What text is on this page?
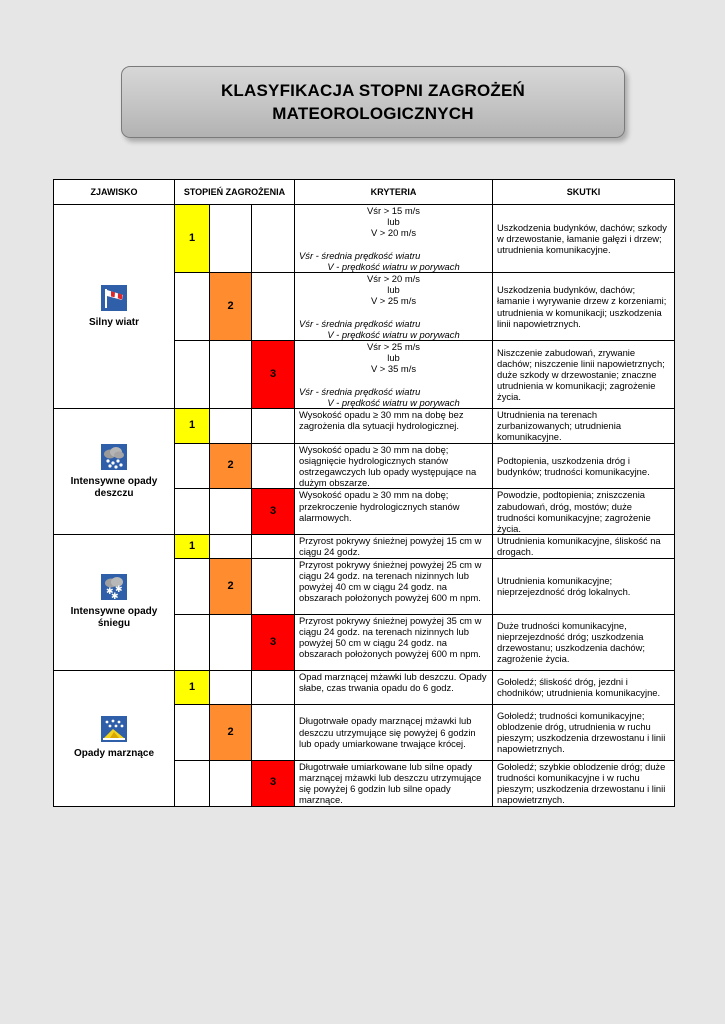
KLASYFIKACJA STOPNI ZAGROŻEŃ
MATEOROLOGICZNYCH
ZJAWISKO	STOPIEŃ ZAGROŻENIA			KRYTERIA	SKUTKI

Silny wiatr	1			Vśr > 15 m/s
lub
V > 20 m/s
Vśr - średnia prędkość wiatru
V - prędkość wiatru w porywach	Uszkodzenia budynków, dachów; szkody w drzewostanie, łamanie gałęzi i drzew; utrudnienia komunikacyjne.
		2		Vśr > 20 m/s
lub
V > 25 m/s
Vśr - średnia prędkość wiatru
V - prędkość wiatru w porywach	Uszkodzenia budynków, dachów; łamanie i wyrywanie drzew z korzeniami; utrudnienia w komunikacji; uszkodzenia linii napowietrznych.
			3	Vśr > 25 m/s
lub
V > 35 m/s
Vśr - średnia prędkość wiatru
V - prędkość wiatru w porywach	Niszczenie zabudowań, zrywanie dachów; niszczenie linii napowietrznych; duże szkody w drzewostanie; znaczne utrudnienia w komunikacji; zagrożenie życia.

Intensywne opady deszczu	1			Wysokość opadu ≥ 30 mm na dobę bez zagrożenia dla sytuacji hydrologicznej.	Utrudnienia na terenach zurbanizowanych; utrudnienia komunikacyjne.
		2		Wysokość opadu ≥ 30 mm na dobę; osiągnięcie hydrologicznych stanów ostrzegawczych lub opady występujące na dużym obszarze.	Podtopienia, uszkodzenia dróg i budynków; trudności komunikacyjne.
			3	Wysokość opadu ≥ 30 mm na dobę; przekroczenie hydrologicznych stanów alarmowych.	Powodzie, podtopienia; zniszczenia zabudowań, dróg, mostów; duże trudności komunikacyjne; zagrożenie życia.

✱ ✱
✱
Intensywne opady śniegu	1			Przyrost pokrywy śnieżnej powyżej 15 cm w ciągu 24 godz.	Utrudnienia komunikacyjne, śliskość na drogach.
		2		Przyrost pokrywy śnieżnej powyżej 25 cm w ciągu 24 godz. na terenach nizinnych lub powyżej 40 cm w ciągu 24 godz. na obszarach położonych powyżej 600 m npm.	Utrudnienia komunikacyjne; nieprzejezdność dróg lokalnych.
			3	Przyrost pokrywy śnieżnej powyżej 35 cm w ciągu 24 godz. na terenach nizinnych lub powyżej 50 cm w ciągu 24 godz. na obszarach położonych powyżej 600 m npm.	Duże trudności komunikacyjne, nieprzejezdność dróg; uszkodzenia drzewostanu; uszkodzenia dachów; zagrożenie życia.

Opady marznące	1			Opad marznącej mżawki lub deszczu. Opady słabe, czas trwania opadu do 6 godz.	Gołoledź; śliskość dróg, jezdni i chodników; utrudnienia komunikacyjne.
		2		Długotrwałe opady marznącej mżawki lub deszczu utrzymujące się powyżej 6 godzin lub opady umiarkowane trwające krócej.	Gołoledź; trudności komunikacyjne; oblodzenie dróg, utrudnienia w ruchu pieszym; uszkodzenia drzewostanu i linii napowietrznych.
			3	Długotrwałe umiarkowane lub silne opady marznącej mżawki lub deszczu utrzymujące się powyżej 6 godzin lub silne opady marznące.	Gołoledź; szybkie oblodzenie dróg; duże trudności komunikacyjne i w ruchu pieszym; uszkodzenia drzewostanu i linii napowietrznych.
